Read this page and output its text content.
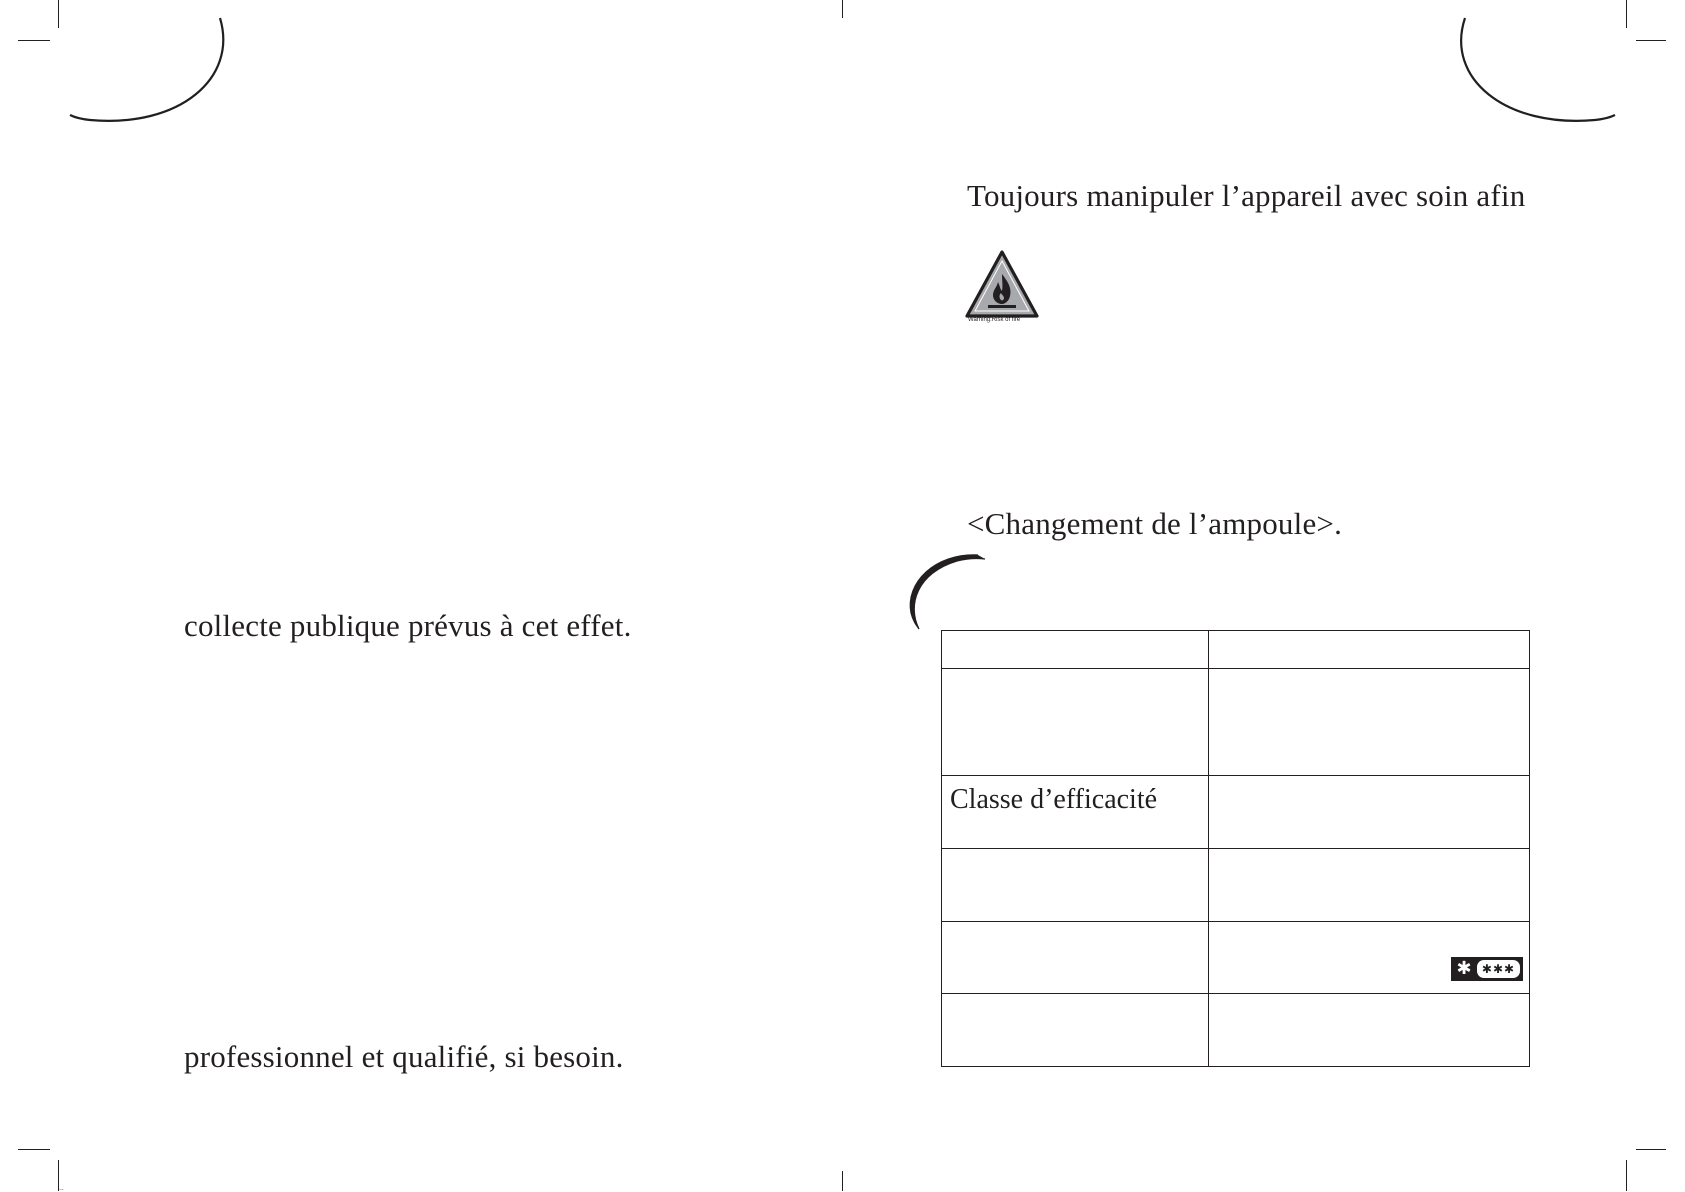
collecte publique prévus à cet effet.

professionnel et qualifié, si besoin.

Toujours manipuler l’appareil avec soin afin

Warning:Risk of fire

<Changement de l’ampoule>.

Classe d’efficacité	

	✱ ✱✱✱

...
